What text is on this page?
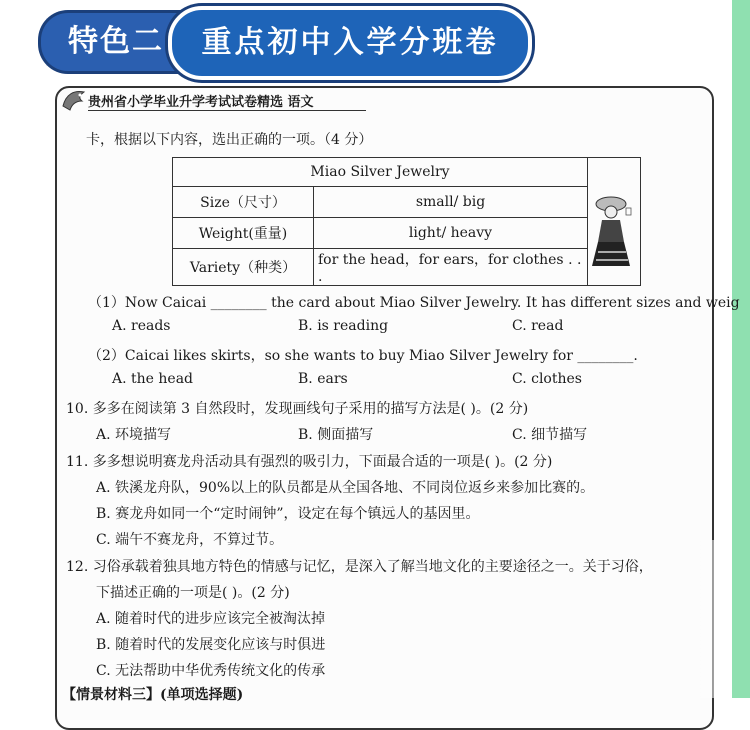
特色二	重点初中入学分班卷
贵州省小学毕业升学考试试卷精选 语文
卡，根据以下内容，选出正确的一项。（4 分）
Miao Silver Jewelry		
Size（尺寸）	small/ big	
Weight(重量)	light/ heavy	
Variety（种类）	for the head，for ears，for clothes . . .	
（1）Now Caicai ________ the card about Miao Silver Jewelry. It has different sizes and weig
A. reads	B. is reading	C. read
（2）Caicai likes skirts，so she wants to buy Miao Silver Jewelry for ________.
A. the head	B. ears	C. clothes
10. 多多在阅读第 3 自然段时，发现画线句子采用的描写方法是( )。(2 分)
A. 环境描写	B. 侧面描写	C. 细节描写
11. 多多想说明赛龙舟活动具有强烈的吸引力，下面最合适的一项是( )。(2 分)
A. 铁溪龙舟队，90%以上的队员都是从全国各地、不同岗位返乡来参加比赛的。
B. 赛龙舟如同一个“定时闹钟”，设定在每个镇远人的基因里。
C. 端午不赛龙舟，不算过节。
12. 习俗承载着独具地方特色的情感与记忆，是深入了解当地文化的主要途径之一。关于习俗，
下描述正确的一项是( )。(2 分)
A. 随着时代的进步应该完全被淘汰掉
B. 随着时代的发展变化应该与时俱进
C. 无法帮助中华优秀传统文化的传承
【情景材料三】(单项选择题)
